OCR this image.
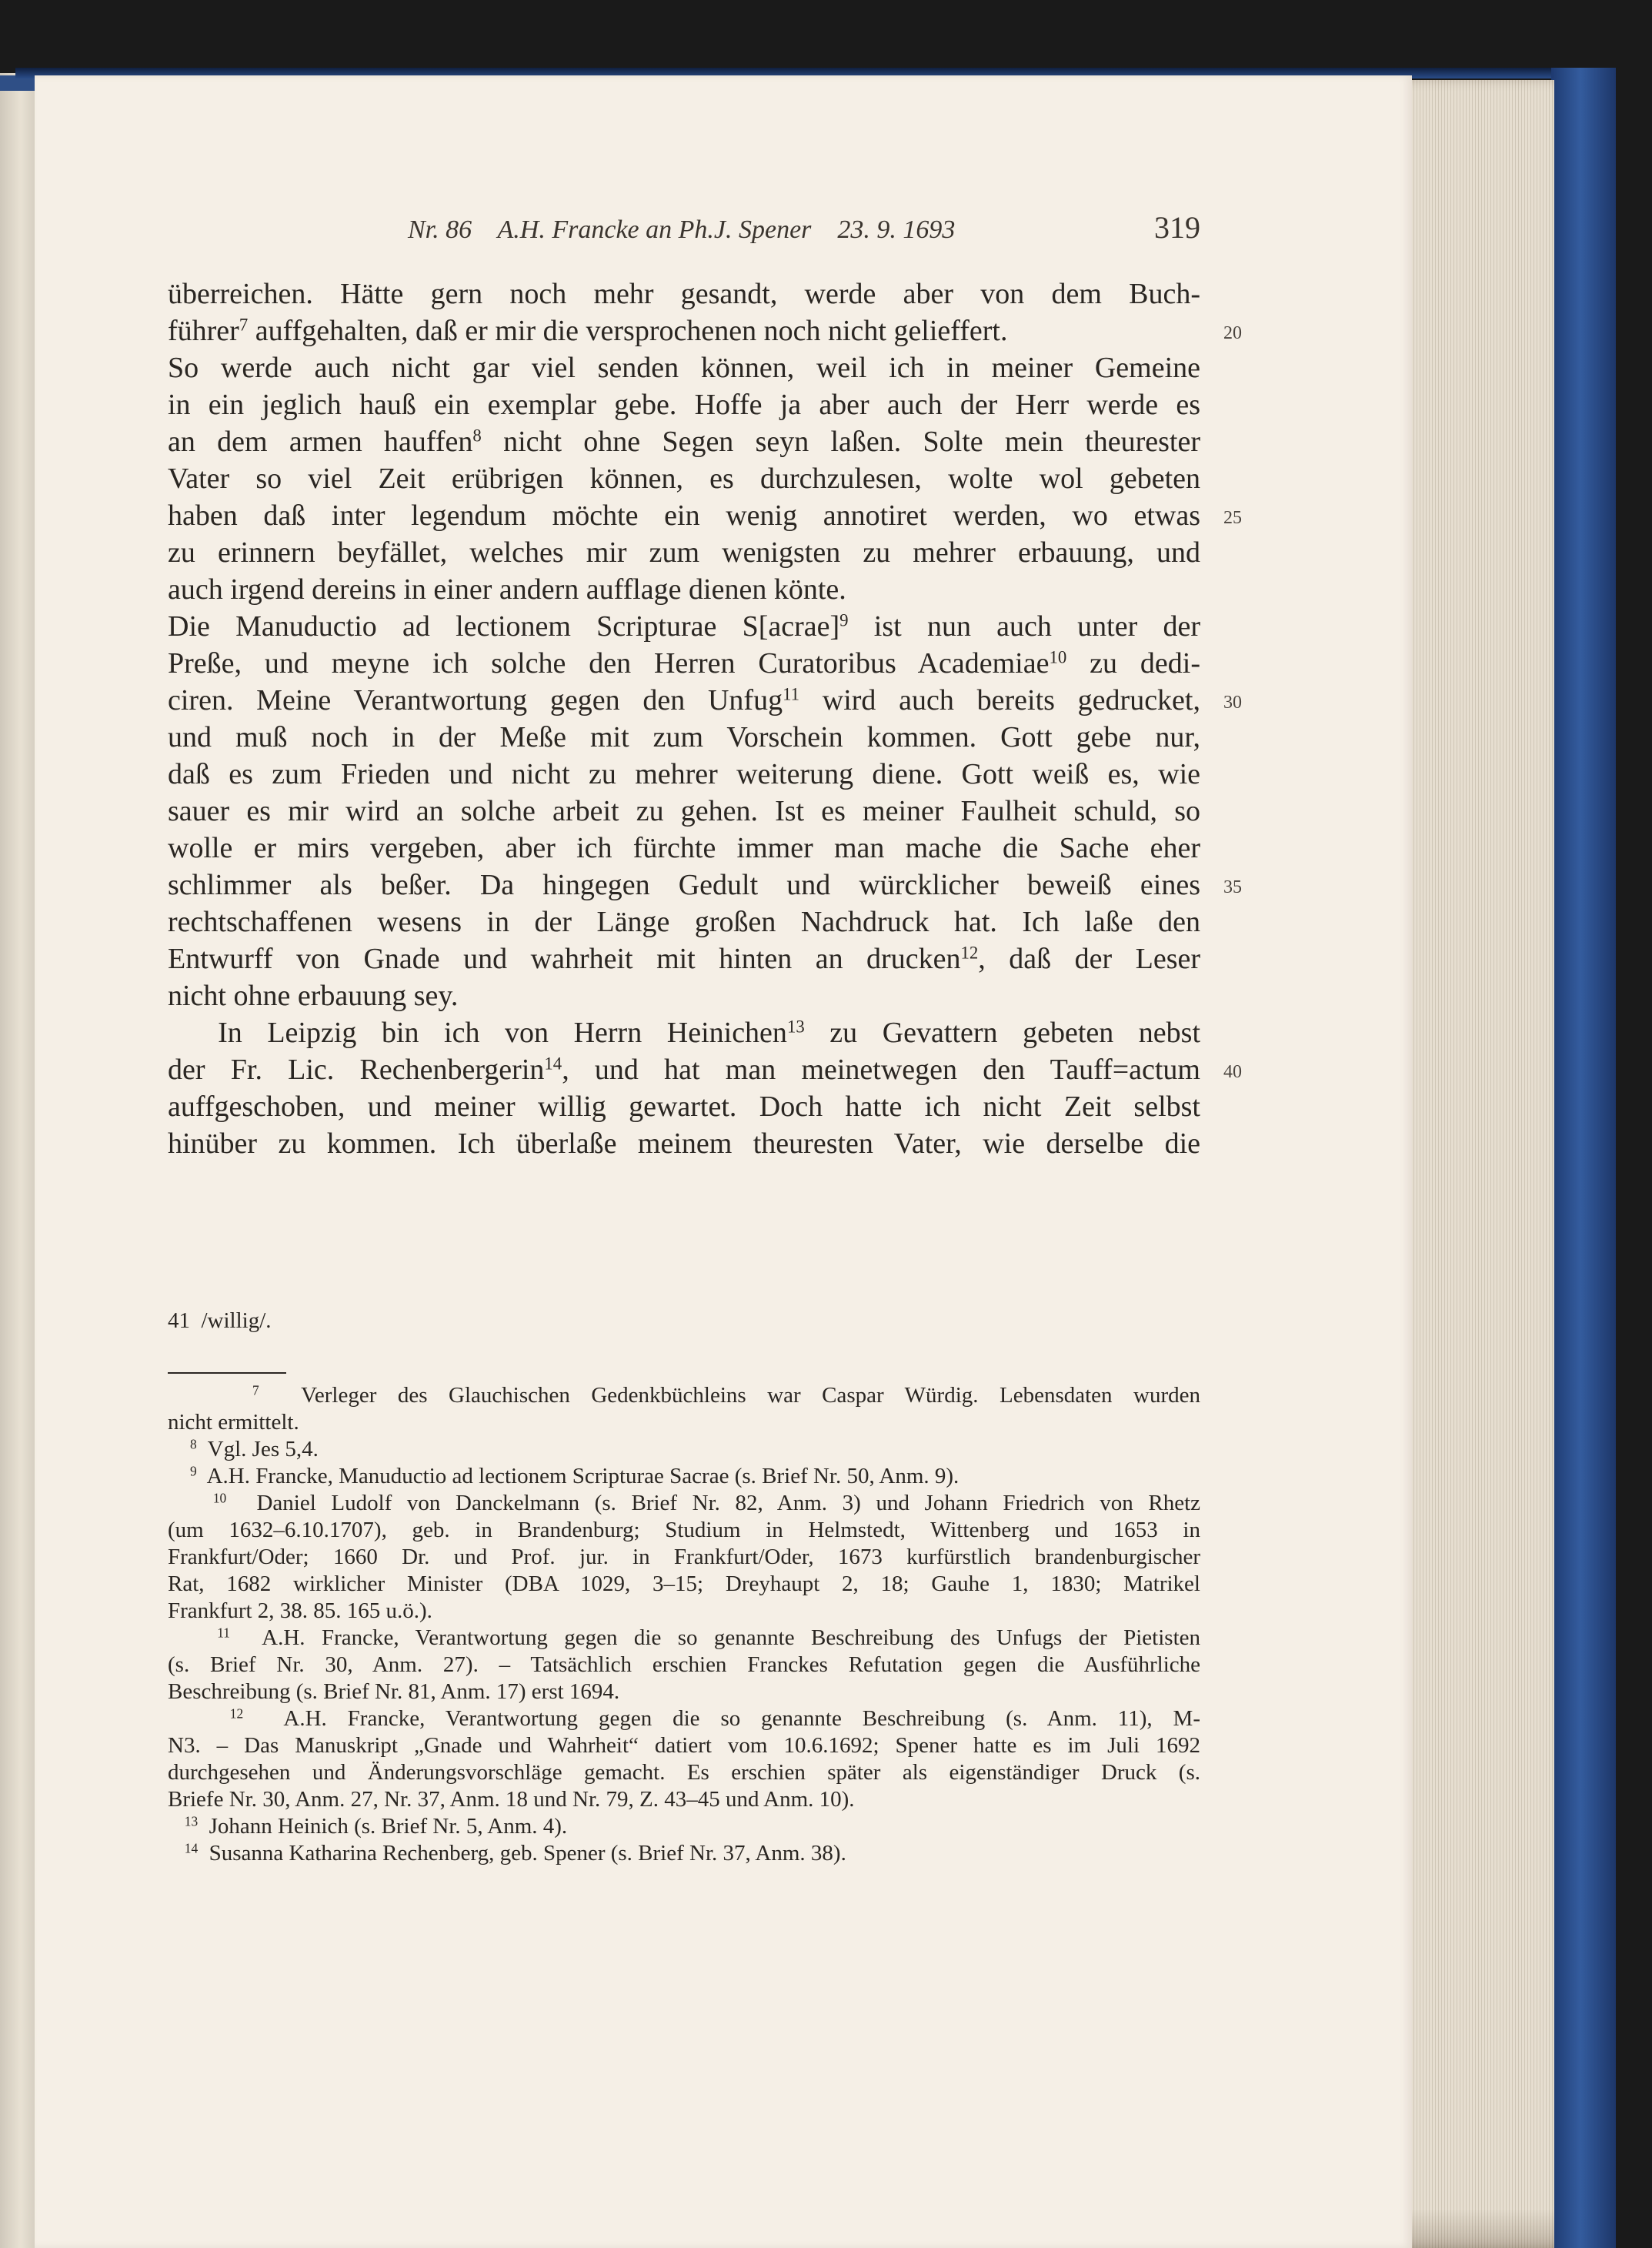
Nr. 86    A.H. Francke an Ph.J. Spener    23. 9. 1693	319
überreichen. Hätte gern noch mehr gesandt, werde aber von dem Buch-
führer$^7$ auffgehalten, daß er mir die versprochenen noch nicht gelieffert.
So werde auch nicht gar viel senden können, weil ich in meiner Gemeine
in ein jeglich hauß ein exemplar gebe. Hoffe ja aber auch der Herr werde es
an dem armen hauffen$^8$ nicht ohne Segen seyn laßen. Solte mein theurester
Vater so viel Zeit erübrigen können, es durchzulesen, wolte wol gebeten
haben daß inter legendum möchte ein wenig annotiret werden, wo etwas
zu erinnern beyfället, welches mir zum wenigsten zu mehrer erbauung, und
auch irgend dereins in einer andern aufflage dienen könte.
Die Manuductio ad lectionem Scripturae S[acrae]$^9$ ist nun auch unter der
Preße, und meyne ich solche den Herren Curatoribus Academiae$^{10}$ zu dedi-
ciren. Meine Verantwortung gegen den Unfug$^{11}$ wird auch bereits gedrucket,
und muß noch in der Meße mit zum Vorschein kommen. Gott gebe nur,
daß es zum Frieden und nicht zu mehrer weiterung diene. Gott weiß es, wie
sauer es mir wird an solche arbeit zu gehen. Ist es meiner Faulheit schuld, so
wolle er mirs vergeben, aber ich fürchte immer man mache die Sache eher
schlimmer als beßer. Da hingegen Gedult und würcklicher beweiß eines
rechtschaffenen wesens in der Länge großen Nachdruck hat. Ich laße den
Entwurff von Gnade und wahrheit mit hinten an drucken$^{12}$, daß der Leser
nicht ohne erbauung sey.
In Leipzig bin ich von Herrn Heinichen$^{13}$ zu Gevattern gebeten nebst
der Fr. Lic. Rechenbergerin$^{14}$, und hat man meinetwegen den Tauff=actum
auffgeschoben, und meiner willig gewartet. Doch hatte ich nicht Zeit selbst
hinüber zu kommen. Ich überlaße meinem theuresten Vater, wie derselbe die
20
25
30
35
40
41  /willig/.
$^7$  Verleger des Glauchischen Gedenkbüchleins war Caspar Würdig. Lebensdaten wurden
nicht ermittelt.
$^8$  Vgl. Jes 5,4.
$^9$  A.H. Francke, Manuductio ad lectionem Scripturae Sacrae (s. Brief Nr. 50, Anm. 9).
$^{10}$  Daniel Ludolf von Danckelmann (s. Brief Nr. 82, Anm. 3) und Johann Friedrich von Rhetz
(um 1632–6.10.1707), geb. in Brandenburg; Studium in Helmstedt, Wittenberg und 1653 in
Frankfurt/Oder; 1660 Dr. und Prof. jur. in Frankfurt/Oder, 1673 kurfürstlich brandenburgischer
Rat, 1682 wirklicher Minister (DBA 1029, 3–15; Dreyhaupt 2, 18; Gauhe 1, 1830; Matrikel
Frankfurt 2, 38. 85. 165 u.ö.).
$^{11}$  A.H. Francke, Verantwortung gegen die so genannte Beschreibung des Unfugs der Pietisten
(s. Brief Nr. 30, Anm. 27). – Tatsächlich erschien Franckes Refutation gegen die Ausführliche
Beschreibung (s. Brief Nr. 81, Anm. 17) erst 1694.
$^{12}$  A.H. Francke, Verantwortung gegen die so genannte Beschreibung (s. Anm. 11), M-
N3. – Das Manuskript „Gnade und Wahrheit“ datiert vom 10.6.1692; Spener hatte es im Juli 1692
durchgesehen und Änderungsvorschläge gemacht. Es erschien später als eigenständiger Druck (s.
Briefe Nr. 30, Anm. 27, Nr. 37, Anm. 18 und Nr. 79, Z. 43–45 und Anm. 10).
$^{13}$  Johann Heinich (s. Brief Nr. 5, Anm. 4).
$^{14}$  Susanna Katharina Rechenberg, geb. Spener (s. Brief Nr. 37, Anm. 38).
